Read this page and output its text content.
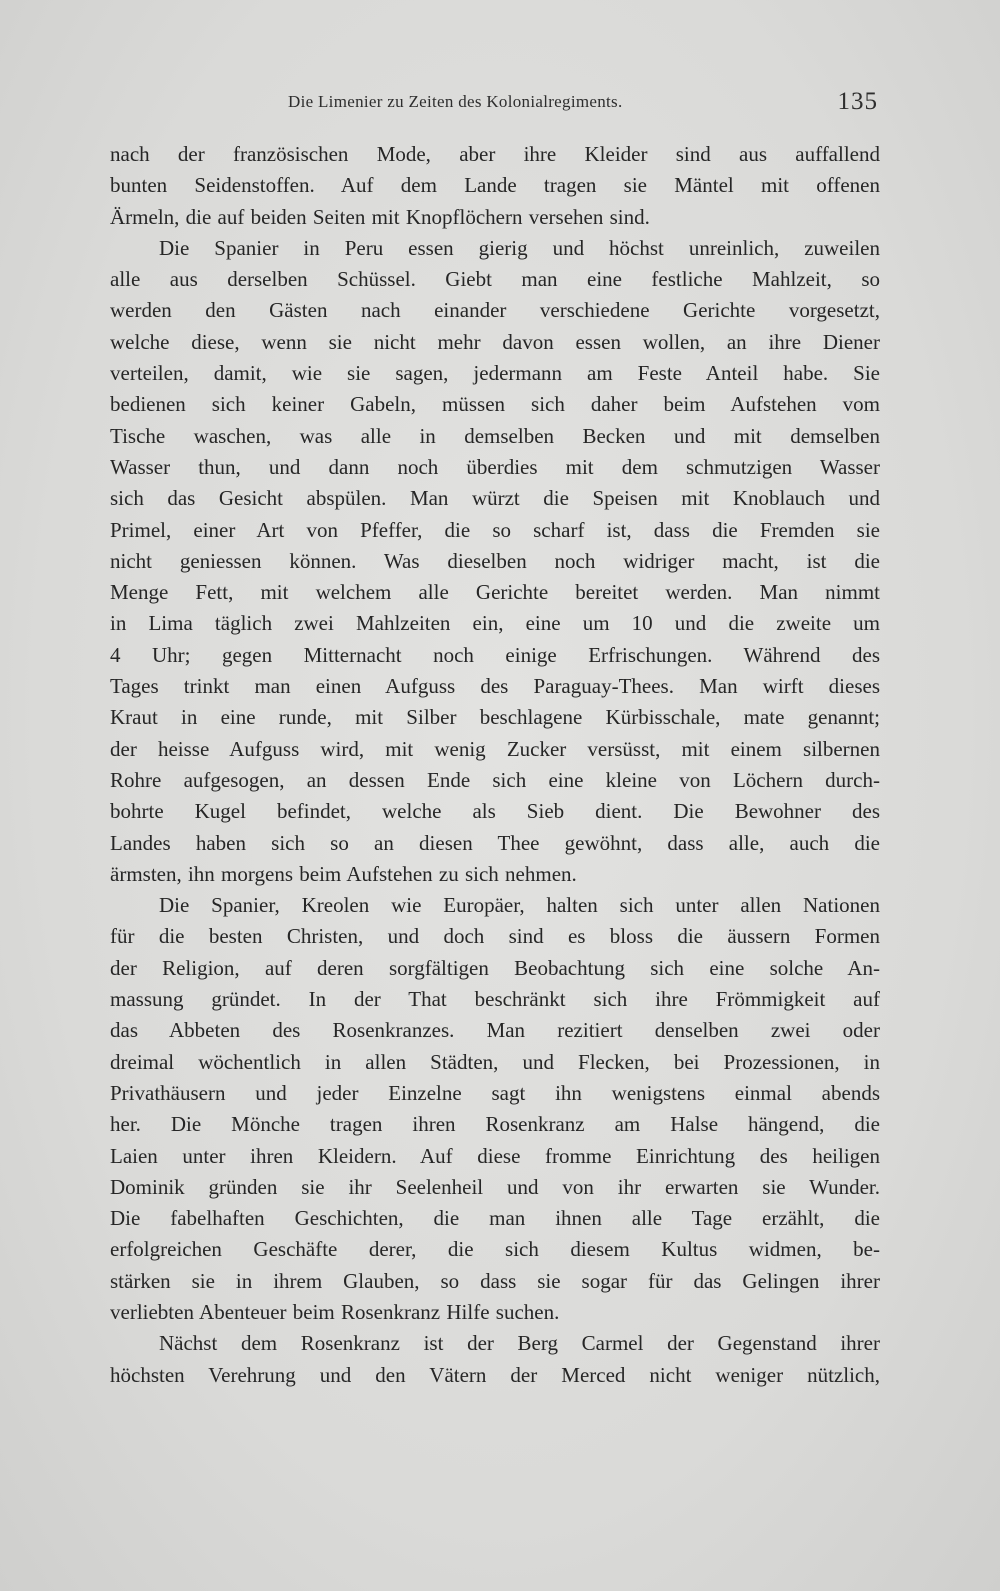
Die Limenier zu Zeiten des Kolonialregiments.	135
nach der französischen Mode, aber ihre Kleider sind aus auffallend
bunten Seidenstoffen. Auf dem Lande tragen sie Mäntel mit offenen
Ärmeln, die auf beiden Seiten mit Knopflöchern versehen sind.
Die Spanier in Peru essen gierig und höchst unreinlich, zuweilen
alle aus derselben Schüssel. Giebt man eine festliche Mahlzeit, so
werden den Gästen nach einander verschiedene Gerichte vorgesetzt,
welche diese, wenn sie nicht mehr davon essen wollen, an ihre Diener
verteilen, damit, wie sie sagen, jedermann am Feste Anteil habe. Sie
bedienen sich keiner Gabeln, müssen sich daher beim Aufstehen vom
Tische waschen, was alle in demselben Becken und mit demselben
Wasser thun, und dann noch überdies mit dem schmutzigen Wasser
sich das Gesicht abspülen. Man würzt die Speisen mit Knoblauch und
Primel, einer Art von Pfeffer, die so scharf ist, dass die Fremden sie
nicht geniessen können. Was dieselben noch widriger macht, ist die
Menge Fett, mit welchem alle Gerichte bereitet werden. Man nimmt
in Lima täglich zwei Mahlzeiten ein, eine um 10 und die zweite um
4 Uhr; gegen Mitternacht noch einige Erfrischungen. Während des
Tages trinkt man einen Aufguss des Paraguay-Thees. Man wirft dieses
Kraut in eine runde, mit Silber beschlagene Kürbisschale, mate genannt;
der heisse Aufguss wird, mit wenig Zucker versüsst, mit einem silbernen
Rohre aufgesogen, an dessen Ende sich eine kleine von Löchern durch-
bohrte Kugel befindet, welche als Sieb dient. Die Bewohner des
Landes haben sich so an diesen Thee gewöhnt, dass alle, auch die
ärmsten, ihn morgens beim Aufstehen zu sich nehmen.
Die Spanier, Kreolen wie Europäer, halten sich unter allen Nationen
für die besten Christen, und doch sind es bloss die äussern Formen
der Religion, auf deren sorgfältigen Beobachtung sich eine solche An-
massung gründet. In der That beschränkt sich ihre Frömmigkeit auf
das Abbeten des Rosenkranzes. Man rezitiert denselben zwei oder
dreimal wöchentlich in allen Städten, und Flecken, bei Prozessionen, in
Privathäusern und jeder Einzelne sagt ihn wenigstens einmal abends
her. Die Mönche tragen ihren Rosenkranz am Halse hängend, die
Laien unter ihren Kleidern. Auf diese fromme Einrichtung des heiligen
Dominik gründen sie ihr Seelenheil und von ihr erwarten sie Wunder.
Die fabelhaften Geschichten, die man ihnen alle Tage erzählt, die
erfolgreichen Geschäfte derer, die sich diesem Kultus widmen, be-
stärken sie in ihrem Glauben, so dass sie sogar für das Gelingen ihrer
verliebten Abenteuer beim Rosenkranz Hilfe suchen.
Nächst dem Rosenkranz ist der Berg Carmel der Gegenstand ihrer
höchsten Verehrung und den Vätern der Merced nicht weniger nützlich,
